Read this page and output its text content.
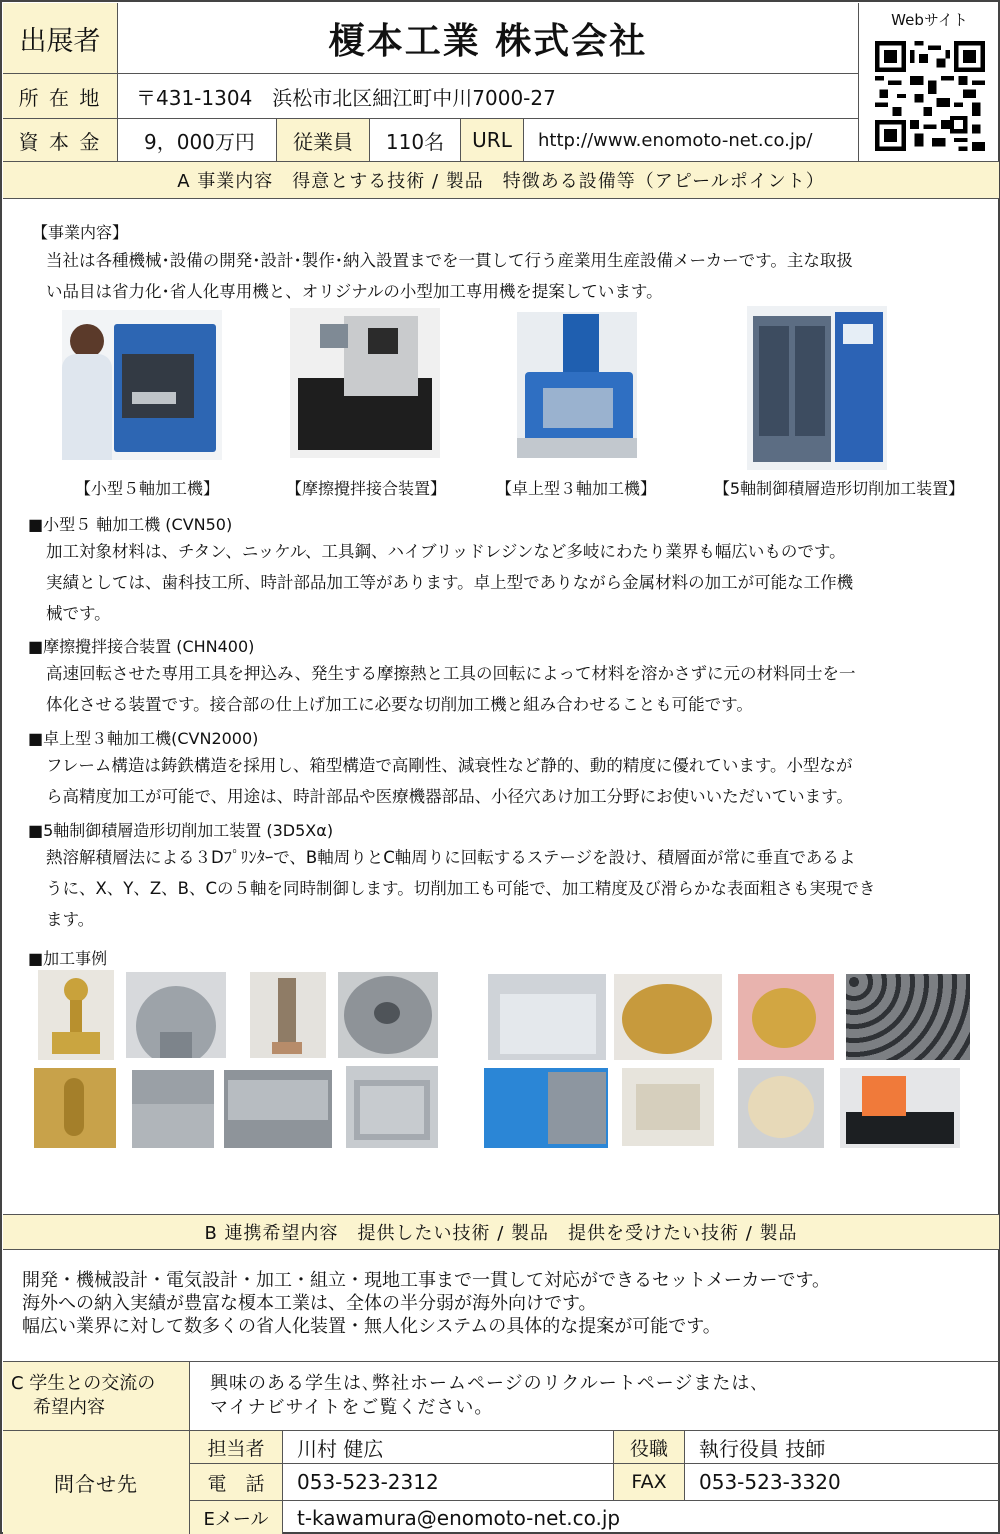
出展者	榎本工業 株式会社
所 在 地	〒431-1304　浜松市北区細江町中川7000-27
資 本 金	9，000万円	従業員	110名	URL	http://www.enomoto-net.co.jp/
Webサイト
A 事業内容　得意とする技術 / 製品　特徴ある設備等（アピールポイント）
【事業内容】
当社は各種機械･設備の開発･設計･製作･納入設置までを一貫して行う産業用生産設備メーカーです。主な取扱
い品目は省力化･省人化専用機と、オリジナルの小型加工専用機を提案しています。
【小型５軸加工機】	【摩擦攪拌接合装置】	【卓上型３軸加工機】	【5軸制御積層造形切削加工装置】
■小型５ 軸加工機 (CVN50)
加工対象材料は、チタン、ニッケル、工具鋼、ハイブリッドレジンなど多岐にわたり業界も幅広いものです。
実績としては、歯科技工所、時計部品加工等があります。卓上型でありながら金属材料の加工が可能な工作機
械です。
■摩擦攪拌接合装置 (CHN400)
高速回転させた専用工具を押込み、発生する摩擦熱と工具の回転によって材料を溶かさずに元の材料同士を一
体化させる装置です。接合部の仕上げ加工に必要な切削加工機と組み合わせることも可能です。
■卓上型３軸加工機(CVN2000)
フレーム構造は鋳鉄構造を採用し、箱型構造で高剛性、減衰性など静的、動的精度に優れています。小型なが
ら高精度加工が可能で、用途は、時計部品や医療機器部品、小径穴あけ加工分野にお使いいただいています。
■5軸制御積層造形切削加工装置 (3D5Xα)
熱溶解積層法による３Dﾌﾟﾘﾝﾀｰで、B軸周りとC軸周りに回転するステージを設け、積層面が常に垂直であるよ
うに、X、Y、Z、B、Cの５軸を同時制御します。切削加工も可能で、加工精度及び滑らかな表面粗さも実現でき
ます。
■加工事例
B 連携希望内容　提供したい技術 / 製品　提供を受けたい技術 / 製品
開発・機械設計・電気設計・加工・組立・現地工事まで一貫して対応ができるセットメーカーです。
海外への納入実績が豊富な榎本工業は、全体の半分弱が海外向けです。
幅広い業界に対して数多くの省人化装置・無人化システムの具体的な提案が可能です。
C 学生との交流の
希望内容
興味のある学生は､弊社ホームページのリクルートページまたは､
マイナビサイトをご覧ください｡
問合せ先
担当者	川村 健広	役職	執行役員 技師
電　話	053-523-2312	FAX	053-523-3320
Eメール	t-kawamura@enomoto-net.co.jp
